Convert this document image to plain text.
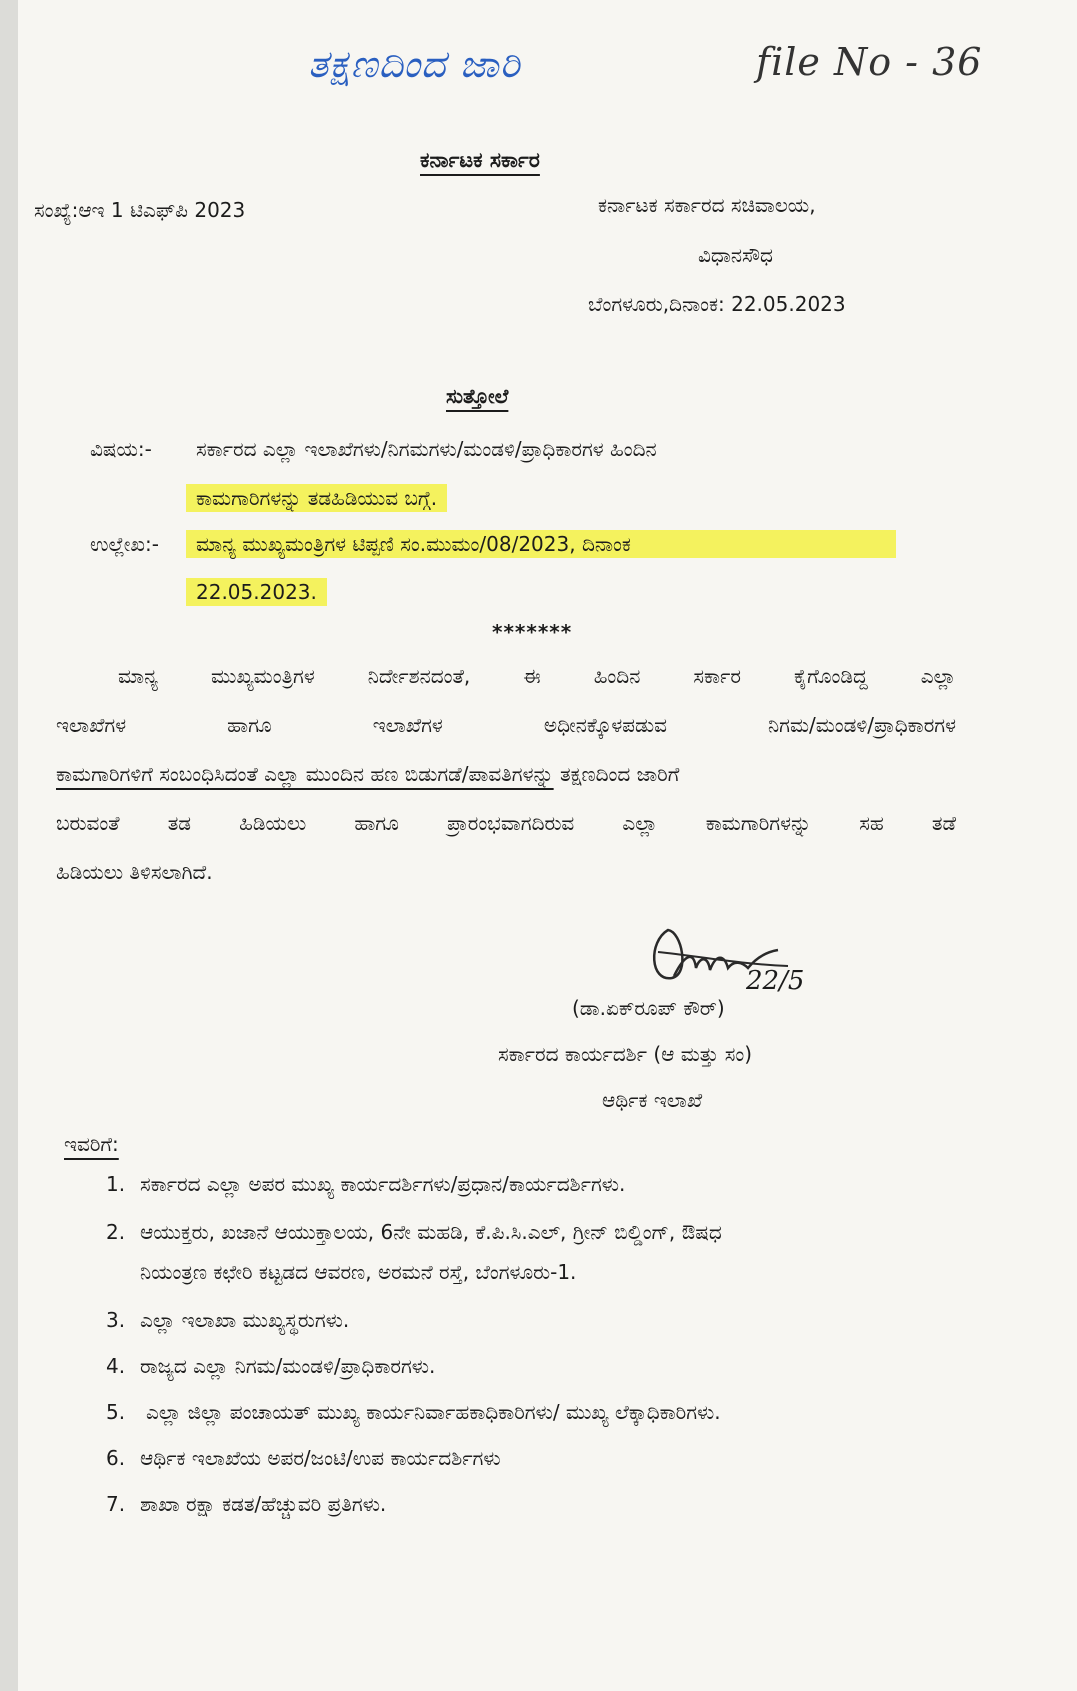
ತಕ್ಷಣದಿಂದ ಜಾರಿ	file No - 36
ಕರ್ನಾಟಕ ಸರ್ಕಾರ
ಸಂಖ್ಯೆ:ಆಇ 1 ಟಿಎಫ್‌ಪಿ 2023	ಕರ್ನಾಟಕ ಸರ್ಕಾರದ ಸಚಿವಾಲಯ,
ವಿಧಾನಸೌಧ
ಬೆಂಗಳೂರು,ದಿನಾಂಕ: 22.05.2023
ಸುತ್ತೋಲೆ
ವಿಷಯ:- ಸರ್ಕಾರದ ಎಲ್ಲಾ ಇಲಾಖೆಗಳು/ನಿಗಮಗಳು/ಮಂಡಳಿ/ಪ್ರಾಧಿಕಾರಗಳ ಹಿಂದಿನ
ಕಾಮಗಾರಿಗಳನ್ನು ತಡಹಿಡಿಯುವ ಬಗ್ಗೆ.
ಉಲ್ಲೇಖ:-	ಮಾನ್ಯ ಮುಖ್ಯಮಂತ್ರಿಗಳ ಟಿಪ್ಪಣಿ ಸಂ.ಮುಮಂ/08/2023, ದಿನಾಂಕ
22.05.2023.
*******
ಮಾನ್ಯ ಮುಖ್ಯಮಂತ್ರಿಗಳ ನಿರ್ದೇಶನದಂತೆ, ಈ ಹಿಂದಿನ ಸರ್ಕಾರ ಕೈಗೊಂಡಿದ್ದ ಎಲ್ಲಾ
ಇಲಾಖೆಗಳ ಹಾಗೂ ಇಲಾಖೆಗಳ ಅಧೀನಕ್ಕೊಳಪಡುವ ನಿಗಮ/ಮಂಡಳಿ/ಪ್ರಾಧಿಕಾರಗಳ
ಕಾಮಗಾರಿಗಳಿಗೆ ಸಂಬಂಧಿಸಿದಂತೆ ಎಲ್ಲಾ ಮುಂದಿನ ಹಣ ಬಿಡುಗಡೆ/ಪಾವತಿಗಳನ್ನು ತಕ್ಷಣದಿಂದ ಜಾರಿಗೆ
ಬರುವಂತೆ ತಡ ಹಿಡಿಯಲು ಹಾಗೂ ಪ್ರಾರಂಭವಾಗದಿರುವ ಎಲ್ಲಾ ಕಾಮಗಾರಿಗಳನ್ನು ಸಹ ತಡೆ
ಹಿಡಿಯಲು ತಿಳಿಸಲಾಗಿದೆ.
22/5
(ಡಾ.ಏಕ್‌ರೂಪ್ ಕೌರ್)
ಸರ್ಕಾರದ ಕಾರ್ಯದರ್ಶಿ (ಆ ಮತ್ತು ಸಂ)
ಆರ್ಥಿಕ ಇಲಾಖೆ
ಇವರಿಗೆ:
1. ಸರ್ಕಾರದ ಎಲ್ಲಾ ಅಪರ ಮುಖ್ಯ ಕಾರ್ಯದರ್ಶಿಗಳು/ಪ್ರಧಾನ/ಕಾರ್ಯದರ್ಶಿಗಳು.
2. ಆಯುಕ್ತರು, ಖಜಾನೆ ಆಯುಕ್ತಾಲಯ, 6ನೇ ಮಹಡಿ, ಕೆ.ಪಿ.ಸಿ.ಎಲ್, ಗ್ರೀನ್ ಬಿಲ್ಡಿಂಗ್, ಔಷಧ
ನಿಯಂತ್ರಣ ಕಛೇರಿ ಕಟ್ಟಡದ ಆವರಣ, ಅರಮನೆ ರಸ್ತೆ, ಬೆಂಗಳೂರು-1.
3. ಎಲ್ಲಾ ಇಲಾಖಾ ಮುಖ್ಯಸ್ಥರುಗಳು.
4. ರಾಜ್ಯದ ಎಲ್ಲಾ ನಿಗಮ/ಮಂಡಳಿ/ಪ್ರಾಧಿಕಾರಗಳು.
5. ಎಲ್ಲಾ ಜಿಲ್ಲಾ ಪಂಚಾಯತ್ ಮುಖ್ಯ ಕಾರ್ಯನಿರ್ವಾಹಕಾಧಿಕಾರಿಗಳು/ ಮುಖ್ಯ ಲೆಕ್ಕಾಧಿಕಾರಿಗಳು.
6. ಆರ್ಥಿಕ ಇಲಾಖೆಯ ಅಪರ/ಜಂಟಿ/ಉಪ ಕಾರ್ಯದರ್ಶಿಗಳು
7. ಶಾಖಾ ರಕ್ಷಾ ಕಡತ/ಹೆಚ್ಚುವರಿ ಪ್ರತಿಗಳು.
